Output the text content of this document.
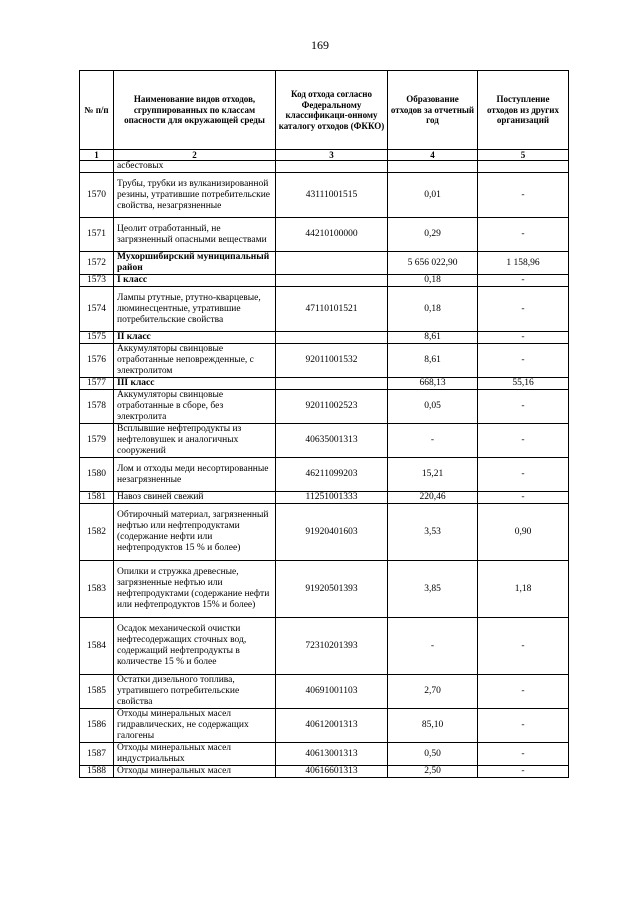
169
№ п/п	Наименование видов отходов, сгруппированных по классам опасности для окружающей среды	Код отхода согласно Федеральному классификаци-онному каталогу отходов (ФККО)	Образование отходов за отчетный год	Поступление отходов из других организаций
1	2	3	4	5
	асбестовых			
1570	Трубы, трубки из вулканизированной резины, утратившие потребительские свойства, незагрязненные	43111001515	0,01	-
1571	Цеолит отработанный, не загрязненный опасными веществами	44210100000	0,29	-
1572	Мухоршибирский муниципальный район		5 656 022,90	1 158,96
1573	I класс		0,18	-
1574	Лампы ртутные, ртутно-кварцевые, люминесцентные, утратившие потребительские свойства	47110101521	0,18	-
1575	II класс		8,61	-
1576	Аккумуляторы свинцовые отработанные неповрежденные, с электролитом	92011001532	8,61	-
1577	III класс		668,13	55,16
1578	Аккумуляторы свинцовые отработанные в сборе, без электролита	92011002523	0,05	-
1579	Всплывшие нефтепродукты из нефтеловушек и аналогичных сооружений	40635001313	-	-
1580	Лом и отходы меди несортированные незагрязненные	46211099203	15,21	-
1581	Навоз свиней свежий	11251001333	220,46	-
1582	Обтирочный материал, загрязненный нефтью или нефтепродуктами (содержание нефти или нефтепродуктов 15 % и более)	91920401603	3,53	0,90
1583	Опилки и стружка древесные, загрязненные нефтью или нефтепродуктами (содержание нефти или нефтепродуктов 15% и более)	91920501393	3,85	1,18
1584	Осадок механической очистки нефтесодержащих сточных вод, содержащий нефтепродукты в количестве 15 % и более	72310201393	-	-
1585	Остатки дизельного топлива, утратившего потребительские свойства	40691001103	2,70	-
1586	Отходы минеральных масел гидравлических, не содержащих галогены	40612001313	85,10	-
1587	Отходы минеральных масел индустриальных	40613001313	0,50	-
1588	Отходы минеральных масел	40616601313	2,50	-
